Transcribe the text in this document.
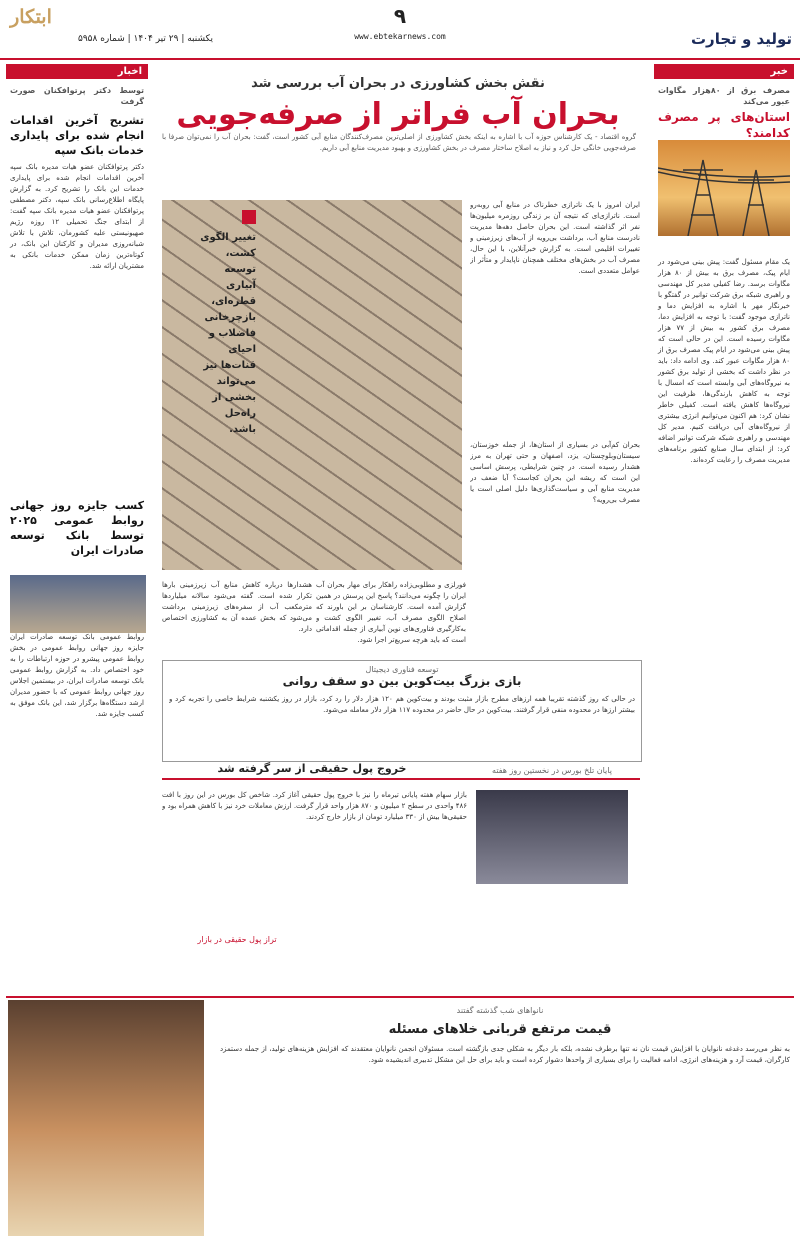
ابتکار
یکشنبه | ۲۹ تیر ۱۴۰۴ | شماره ۵۹۵۸
۹
www.ebtekarnews.com	تولید و تجارت
خبر
مصرف برق از ۸۰هزار مگاوات عبور می‌کند
استان‌های پر مصرف کدامند؟
یک مقام مسئول گفت: پیش بینی می‌شود در ایام پیک، مصرف برق به بیش از ۸۰ هزار مگاوات برسد. رضا کفیلی مدیر کل مهندسی و راهبری شبکه برق شرکت توانیر در گفتگو با خبرنگار مهر با اشاره به افزایش دما و ناترازی موجود گفت: با توجه به افزایش دما، مصرف برق کشور به بیش از ۷۷ هزار مگاوات رسیده است. این در حالی است که پیش بینی می‌شود در ایام پیک مصرف برق از ۸۰ هزار مگاوات عبور کند. وی ادامه داد: باید در نظر داشت که بخشی از تولید برق کشور به نیروگاه‌های آبی وابسته است که امسال با توجه به کاهش بارندگی‌ها، ظرفیت این نیروگاه‌ها کاهش یافته است. کفیلی خاطر نشان کرد: هم اکنون می‌توانیم انرژی بیشتری از نیروگاه‌های آبی دریافت کنیم. مدیر کل مهندسی و راهبری شبکه شرکت توانیر اضافه کرد: از ابتدای سال صنایع کشور برنامه‌های مدیریت مصرف را رعایت کرده‌اند.
اخبار
توسط دکتر پرتوافکنان صورت گرفت
تشریح آخرین اقدامات انجام شده برای پایداری خدمات بانک سپه
دکتر پرتوافکنان عضو هیات مدیره بانک سپه آخرین اقدامات انجام شده برای پایداری خدمات این بانک را تشریح کرد. به گزارش پایگاه اطلاع‌رسانی بانک سپه، دکتر مصطفی پرتوافکنان عضو هیات مدیره بانک سپه گفت: از ابتدای جنگ تحمیلی ۱۲ روزه رژیم صهیونیستی علیه کشورمان، تلاش با تلاش شبانه‌روزی مدیران و کارکنان این بانک، در کوتاه‌ترین زمان ممکن خدمات بانکی به مشتریان ارائه شد.
کسب جایزه روز جهانی روابط عمومی ۲۰۲۵ توسط بانک توسعه صادرات ایران
روابط عمومی بانک توسعه صادرات ایران جایزه روز جهانی روابط عمومی در بخش روابط عمومی پیشرو در حوزه ارتباطات را به خود اختصاص داد. به گزارش روابط عمومی بانک توسعه صادرات ایران، در بیستمین اجلاس روز جهانی روابط عمومی که با حضور مدیران ارشد دستگاه‌ها برگزار شد، این بانک موفق به کسب جایزه شد.
نقش بخش کشاورزی در بحران آب بررسی شد
بحران آب فراتر از صرفه‌جویی
گروه اقتصاد - یک کارشناس حوزه آب با اشاره به اینکه بخش کشاورزی از اصلی‌ترین مصرف‌کنندگان منابع آبی کشور است، گفت: بحران آب را نمی‌توان صرفا با صرفه‌جویی خانگی حل کرد و نیاز به اصلاح ساختار مصرف در بخش کشاورزی و بهبود مدیریت منابع آبی داریم.
تغییر الگوی کشت، توسعه آبیاری قطره‌ای، بازچرخانی فاضلاب و احیای قنات‌ها نیز می‌تواند بخشی از راه‌حل باشد.
ایران امروز با یک ناترازی خطرناک در منابع آبی روبه‌رو است. ناترازی‌ای که نتیجه آن بر زندگی روزمره میلیون‌ها نفر اثر گذاشته است. این بحران حاصل دهه‌ها مدیریت نادرست منابع آب، برداشت بی‌رویه از آب‌های زیرزمینی و تغییرات اقلیمی است. به گزارش خبرآنلاین، با این حال، مصرف آب در بخش‌های مختلف همچنان ناپایدار و متأثر از عوامل متعددی است.
بحران کم‌آبی در بسیاری از استان‌ها، از جمله خوزستان، سیستان‌وبلوچستان، یزد، اصفهان و حتی تهران به مرز هشدار رسیده است. در چنین شرایطی، پرسش اساسی این است که ریشه این بحران کجاست؟ آیا ضعف در مدیریت منابع آبی و سیاست‌گذاری‌ها دلیل اصلی است یا مصرف بی‌رویه؟
فورلزی و مطلوبی‌زاده راهکار برای مهار بحران آب ایران را چگونه می‌دانند؟ پاسخ این پرسش در همین گزارش آمده است. کارشناسان بر این باورند که اصلاح الگوی مصرف آب، تغییر الگوی کشت و به‌کارگیری فناوری‌های نوین آبیاری از جمله اقداماتی است که باید هرچه سریع‌تر اجرا شود.
هشدارها درباره کاهش منابع آب زیرزمینی بارها تکرار شده است. گفته می‌شود سالانه میلیاردها مترمکعب آب از سفره‌های زیرزمینی برداشت می‌شود که بخش عمده آن به کشاورزی اختصاص دارد.
توسعه فناوری دیجیتال
بازی بزرگ بیت‌کوین بین دو سقف روانی
در حالی که روز گذشته تقریبا همه ارزهای مطرح بازار مثبت بودند و بیت‌کوین هم ۱۲۰ هزار دلار را رد کرد، بازار در روز یکشنبه شرایط خاصی را تجربه کرد و بیشتر ارزها در محدوده منفی قرار گرفتند. بیت‌کوین در حال حاضر در محدوده ۱۱۷ هزار دلار معامله می‌شود.
پایان تلخ بورس در نخستین روز هفته
خروج پول حقیقی از سر گرفته شد
بازار سهام هفته پایانی تیرماه را نیز با خروج پول حقیقی آغاز کرد. شاخص کل بورس در این روز با افت ۴۸۶ واحدی در سطح ۲ میلیون و ۸۷۰ هزار واحد قرار گرفت. ارزش معاملات خرد نیز با کاهش همراه بود و حقیقی‌ها بیش از ۳۳۰ میلیارد تومان از بازار خارج کردند.
تراز پول حقیقی در بازار
نانواهای شب گذشته گفتند
قیمت مرتفع قربانی خلاهای مسئله
به نظر می‌رسد دغدغه نانوایان با افزایش قیمت نان نه تنها برطرف نشده، بلکه بار دیگر به شکلی جدی بازگشته است. مسئولان انجمن نانوایان معتقدند که افزایش هزینه‌های تولید، از جمله دستمزد کارگران، قیمت آرد و هزینه‌های انرژی، ادامه فعالیت را برای بسیاری از واحدها دشوار کرده است و باید برای حل این مشکل تدبیری اندیشیده شود.
